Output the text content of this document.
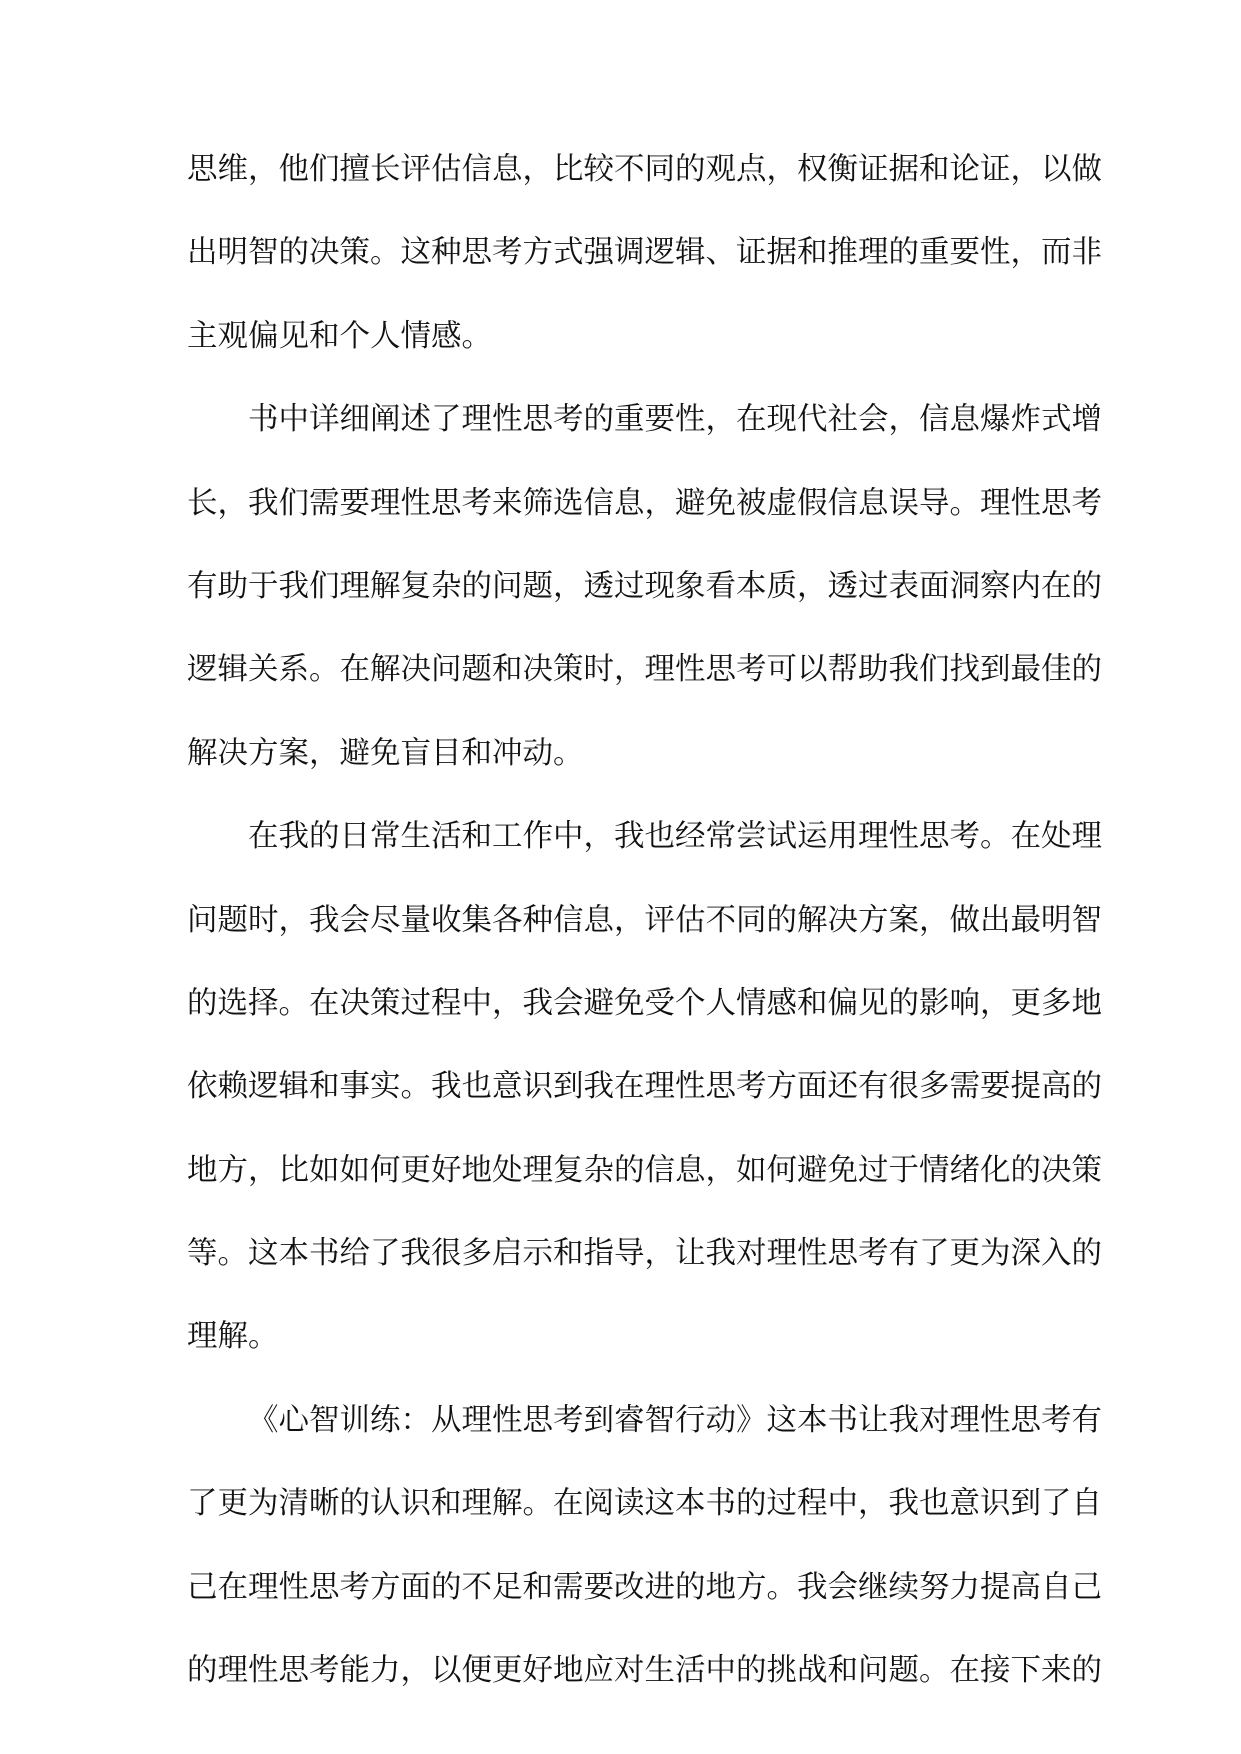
思维，他们擅长评估信息，比较不同的观点，权衡证据和论证，以做
出明智的决策。这种思考方式强调逻辑、证据和推理的重要性，而非
主观偏见和个人情感。
书中详细阐述了理性思考的重要性，在现代社会，信息爆炸式增
长，我们需要理性思考来筛选信息，避免被虚假信息误导。理性思考
有助于我们理解复杂的问题，透过现象看本质，透过表面洞察内在的
逻辑关系。在解决问题和决策时，理性思考可以帮助我们找到最佳的
解决方案，避免盲目和冲动。
在我的日常生活和工作中，我也经常尝试运用理性思考。在处理
问题时，我会尽量收集各种信息，评估不同的解决方案，做出最明智
的选择。在决策过程中，我会避免受个人情感和偏见的影响，更多地
依赖逻辑和事实。我也意识到我在理性思考方面还有很多需要提高的
地方，比如如何更好地处理复杂的信息，如何避免过于情绪化的决策
等。这本书给了我很多启示和指导，让我对理性思考有了更为深入的
理解。
《心智训练：从理性思考到睿智行动》这本书让我对理性思考有
了更为清晰的认识和理解。在阅读这本书的过程中，我也意识到了自
己在理性思考方面的不足和需要改进的地方。我会继续努力提高自己
的理性思考能力，以便更好地应对生活中的挑战和问题。在接下来的
